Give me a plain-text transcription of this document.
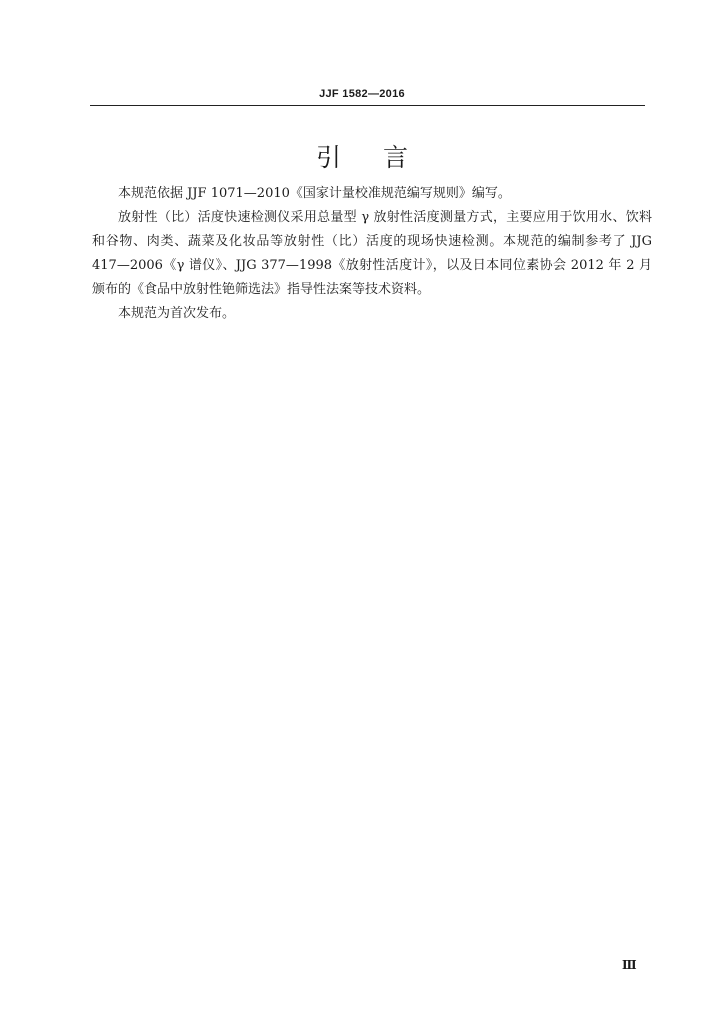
JJF 1582—2016
引言

本规范依据 JJF 1071—2010《国家计量校准规范编写规则》编写。

放射性（比）活度快速检测仪采用总量型 γ 放射性活度测量方式，主要应用于饮用水、饮料和谷物、肉类、蔬菜及化妆品等放射性（比）活度的现场快速检测。本规范的编制参考了 JJG 417—2006《γ 谱仪》、JJG 377—1998《放射性活度计》，以及日本同位素协会 2012 年 2 月颁布的《食品中放射性铯筛选法》指导性法案等技术资料。

本规范为首次发布。

Ⅲ
